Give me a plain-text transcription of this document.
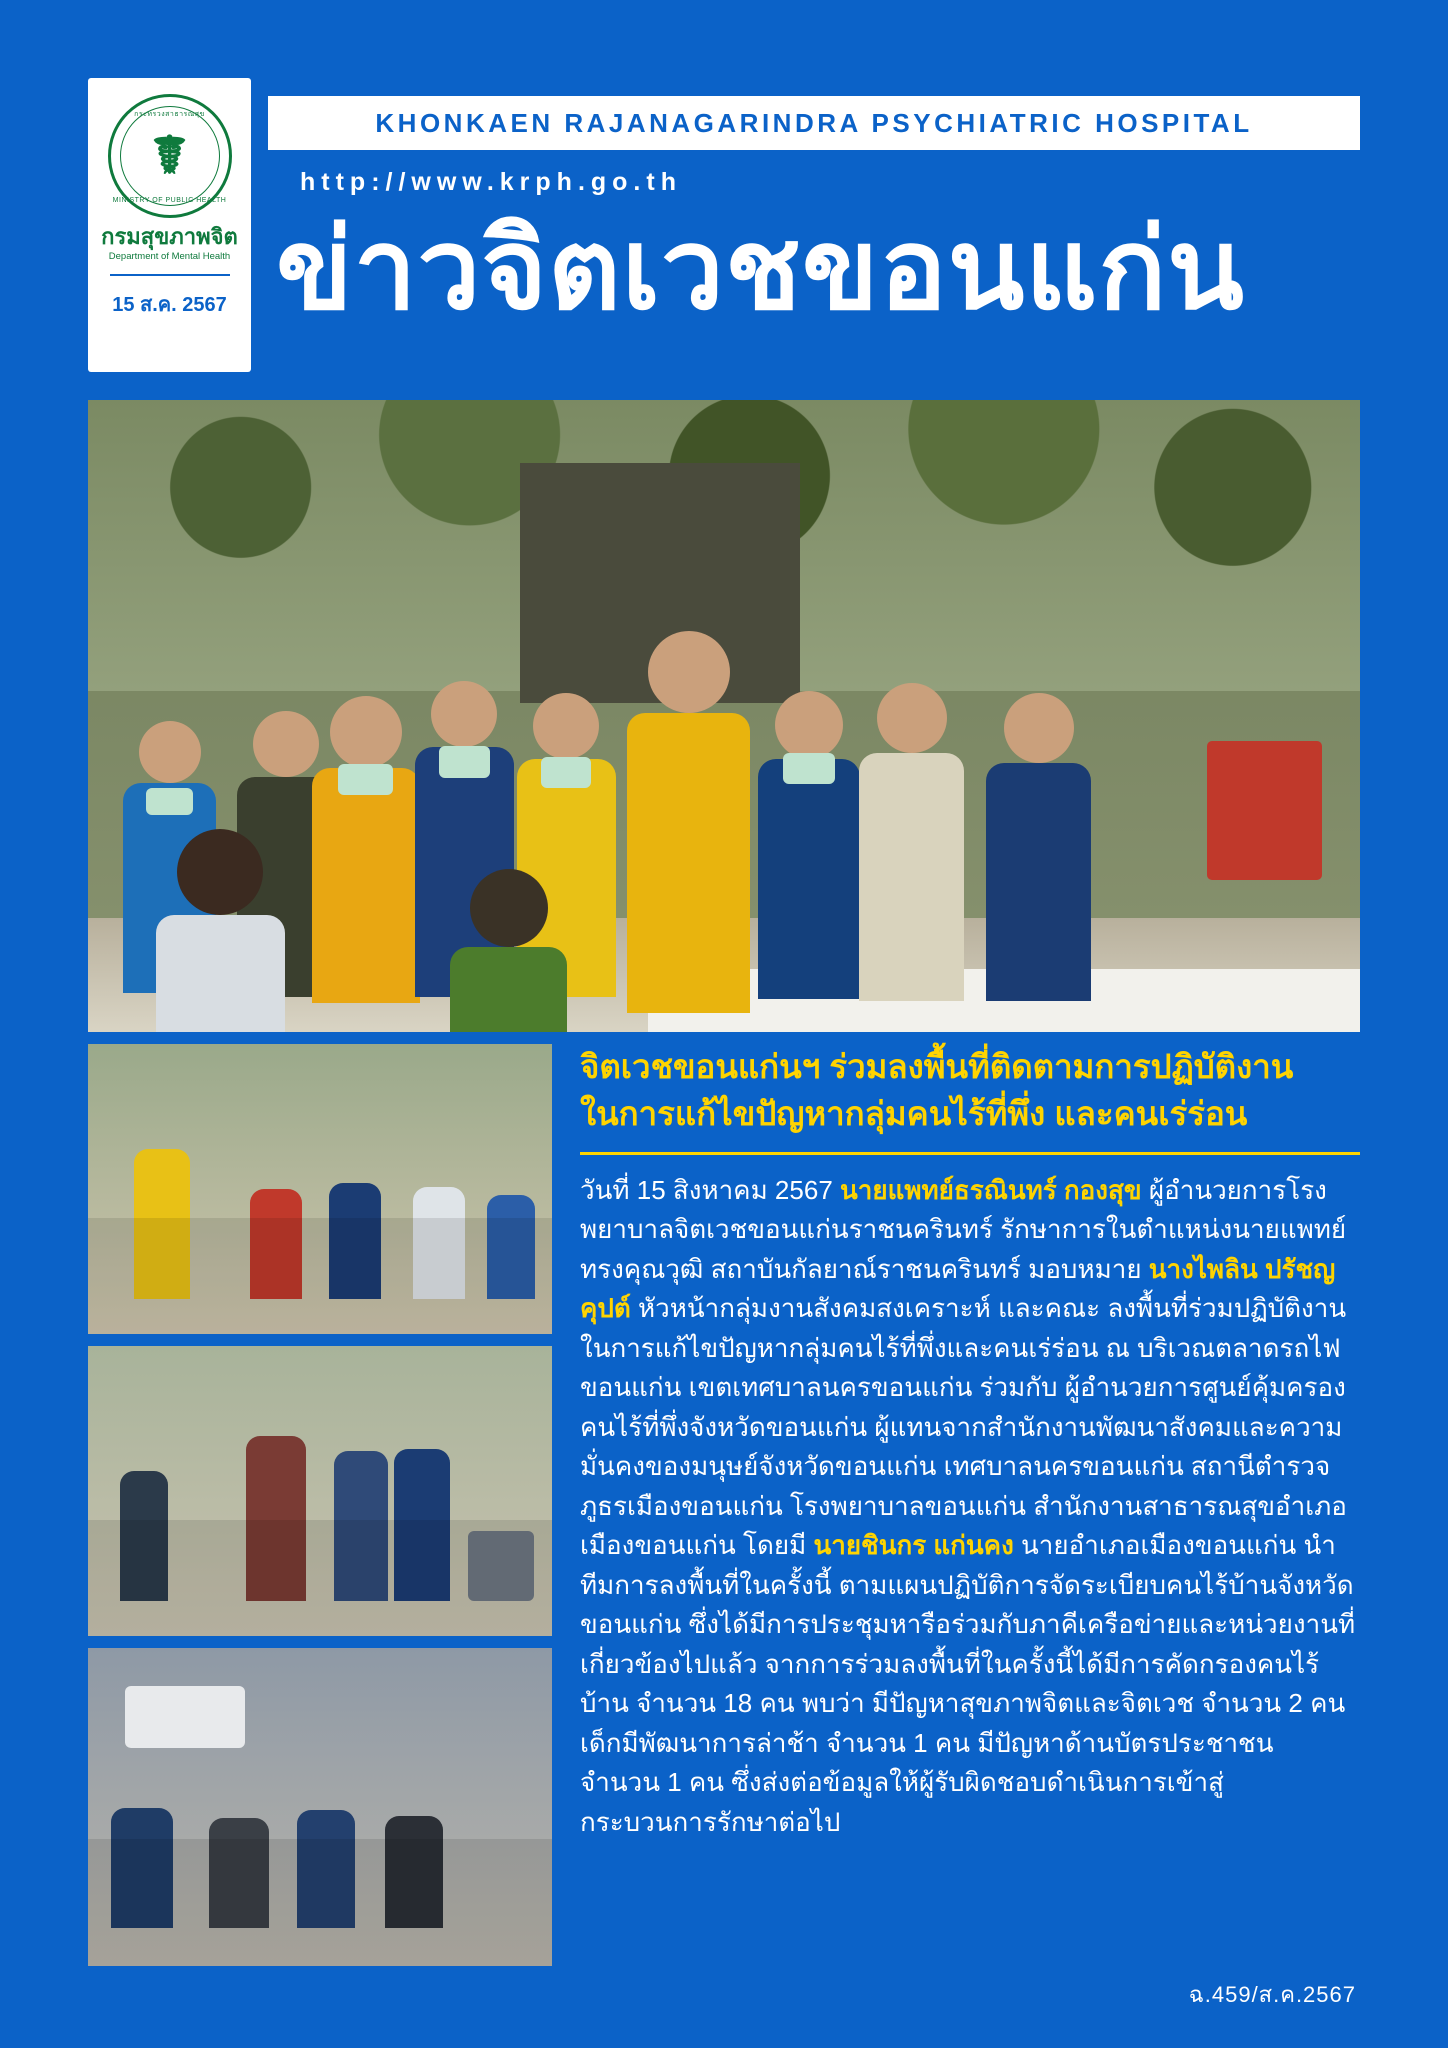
กระทรวงสาธารณสุข
☤
MINISTRY OF PUBLIC HEALTH
กรมสุขภาพจิต
Department of Mental Health
15 ส.ค. 2567
KHONKAEN RAJANAGARINDRA PSYCHIATRIC HOSPITAL
http://www.krph.go.th
ข่าวจิตเวชขอนแก่น
จิตเวชขอนแก่นฯ ร่วมลงพื้นที่ติดตามการปฏิบัติงาน
ในการแก้ไขปัญหากลุ่มคนไร้ที่พึ่ง และคนเร่ร่อน
วันที่ 15 สิงหาคม 2567 นายแพทย์ธรณินทร์ กองสุข ผู้อำนวยการโรงพยาบาลจิตเวชขอนแก่นราชนครินทร์ รักษาการในตำแหน่งนายแพทย์ทรงคุณวุฒิ สถาบันกัลยาณ์ราชนครินทร์ มอบหมาย นางไพลิน ปรัชญคุปต์ หัวหน้ากลุ่มงานสังคมสงเคราะห์ และคณะ ลงพื้นที่ร่วมปฏิบัติงานในการแก้ไขปัญหากลุ่มคนไร้ที่พึ่งและคนเร่ร่อน ณ บริเวณตลาดรถไฟขอนแก่น เขตเทศบาลนครขอนแก่น ร่วมกับ ผู้อำนวยการศูนย์คุ้มครองคนไร้ที่พึ่งจังหวัดขอนแก่น ผู้แทนจากสำนักงานพัฒนาสังคมและความมั่นคงของมนุษย์จังหวัดขอนแก่น เทศบาลนครขอนแก่น สถานีตำรวจภูธรเมืองขอนแก่น โรงพยาบาลขอนแก่น สำนักงานสาธารณสุขอำเภอเมืองขอนแก่น โดยมี นายชินกร แก่นคง นายอำเภอเมืองขอนแก่น นำทีมการลงพื้นที่ในครั้งนี้ ตามแผนปฏิบัติการจัดระเบียบคนไร้บ้านจังหวัดขอนแก่น ซึ่งได้มีการประชุมหารือร่วมกับภาคีเครือข่ายและหน่วยงานที่เกี่ยวข้องไปแล้ว จากการร่วมลงพื้นที่ในครั้งนี้ได้มีการคัดกรองคนไร้บ้าน จำนวน 18 คน พบว่า มีปัญหาสุขภาพจิตและจิตเวช จำนวน 2 คน เด็กมีพัฒนาการล่าช้า จำนวน 1 คน มีปัญหาด้านบัตรประชาชน จำนวน 1 คน ซึ่งส่งต่อข้อมูลให้ผู้รับผิดชอบดำเนินการเข้าสู่กระบวนการรักษาต่อไป
ฉ.459/ส.ค.2567
